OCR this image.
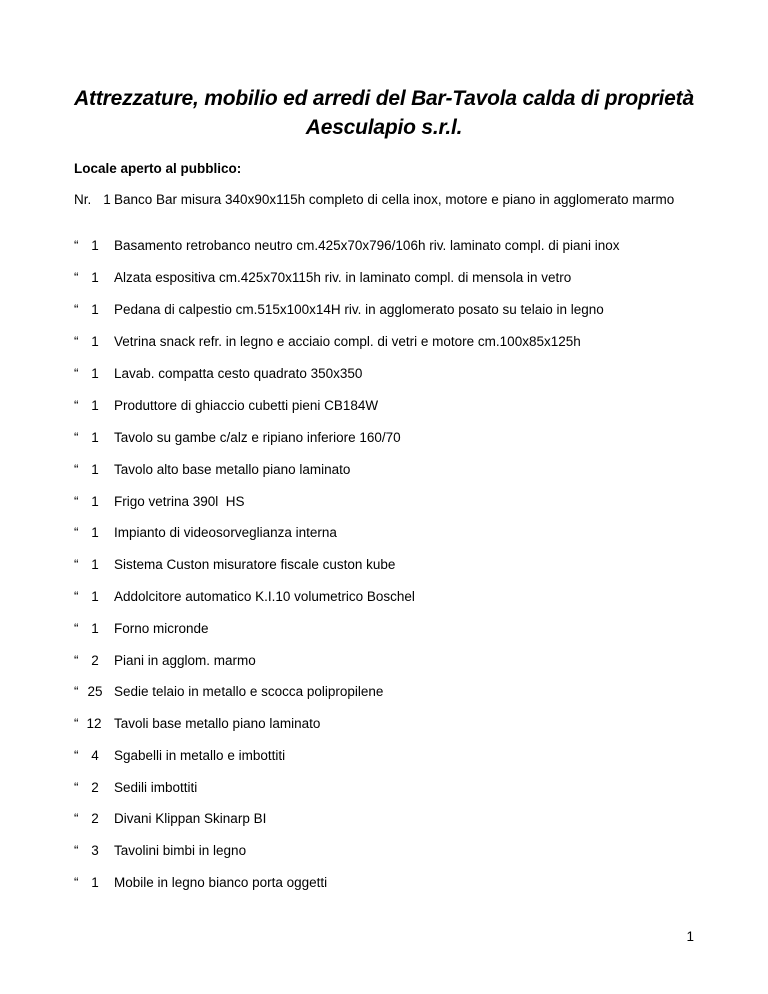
Attrezzature, mobilio ed arredi del Bar-Tavola calda di proprietà
Aesculapio s.r.l.
Locale aperto al pubblico:
Nr. 1 Banco Bar misura 340x90x115h completo di cella inox, motore e piano in agglomerato marmo
“ 1	Basamento retrobanco neutro cm.425x70x796/106h riv. laminato compl. di piani inox
“ 1	Alzata espositiva cm.425x70x115h riv. in laminato compl. di mensola in vetro
“ 1	Pedana di calpestio cm.515x100x14H riv. in agglomerato posato su telaio in legno
“ 1	Vetrina snack refr. in legno e acciaio compl. di vetri e motore cm.100x85x125h
“ 1	Lavab. compatta cesto quadrato 350x350
“ 1	Produttore di ghiaccio cubetti pieni CB184W
“ 1	Tavolo su gambe c/alz e ripiano inferiore 160/70
“ 1	Tavolo alto base metallo piano laminato
“ 1	Frigo vetrina 390l  HS
“ 1	Impianto di videosorveglianza interna
“ 1	Sistema Custon misuratore fiscale custon kube
“ 1	Addolcitore automatico K.I.10 volumetrico Boschel
“ 1	Forno micronde
“ 2	Piani in agglom. marmo
“ 25 Sedie telaio in metallo e scocca polipropilene
“ 12 Tavoli base metallo piano laminato
“ 4	Sgabelli in metallo e imbottiti
“ 2	Sedili imbottiti
“ 2	Divani Klippan Skinarp BI
“ 3	Tavolini bimbi in legno
“ 1	Mobile in legno bianco porta oggetti
1
